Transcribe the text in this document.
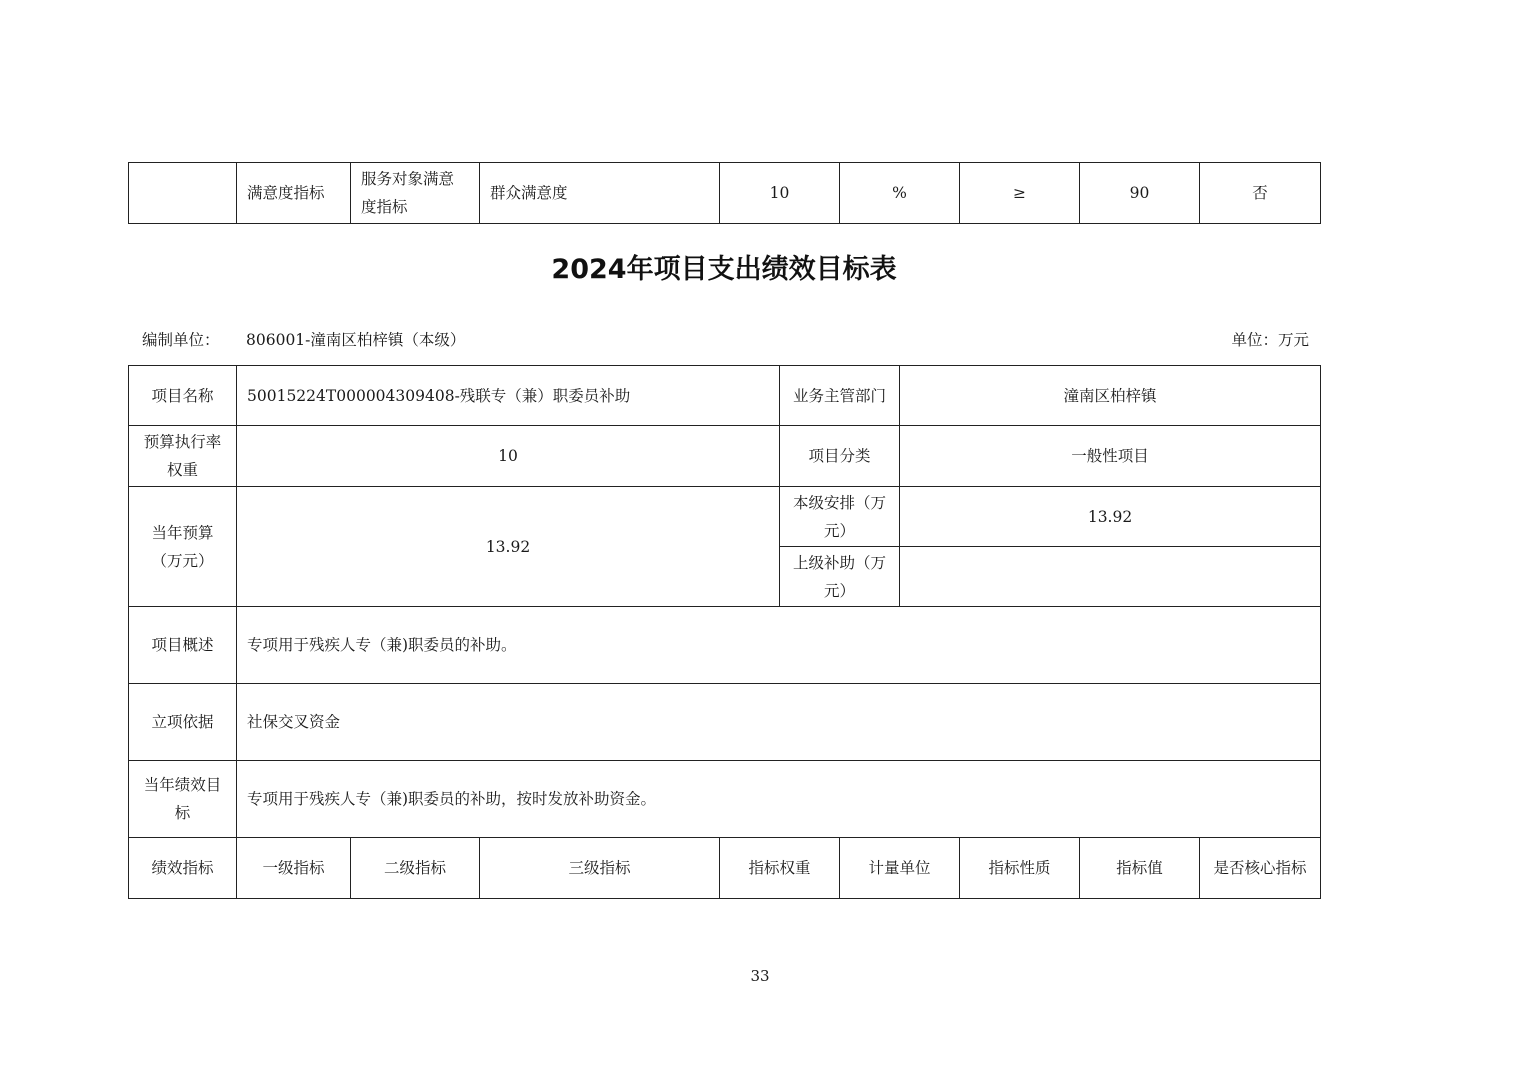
	满意度指标	服务对象满意度指标	群众满意度	10	%	≥	90	否
2024年项目支出绩效目标表
编制单位： 806001-潼南区柏梓镇（本级）	单位：万元
项目名称	50015224T000004309408-残联专（兼）职委员补助				业务主管部门		潼南区柏梓镇			
预算执行率权重	10				项目分类		一般性项目			
当年预算（万元）	13.92				本级安排（万元）		13.92			
					上级补助（万元）					
项目概述	专项用于残疾人专（兼)职委员的补助。									
立项依据	社保交叉资金									
当年绩效目标	专项用于残疾人专（兼)职委员的补助，按时发放补助资金。									
绩效指标	一级指标	二级指标	三级指标	指标权重		计量单位		指标性质	指标值	是否核心指标
33
